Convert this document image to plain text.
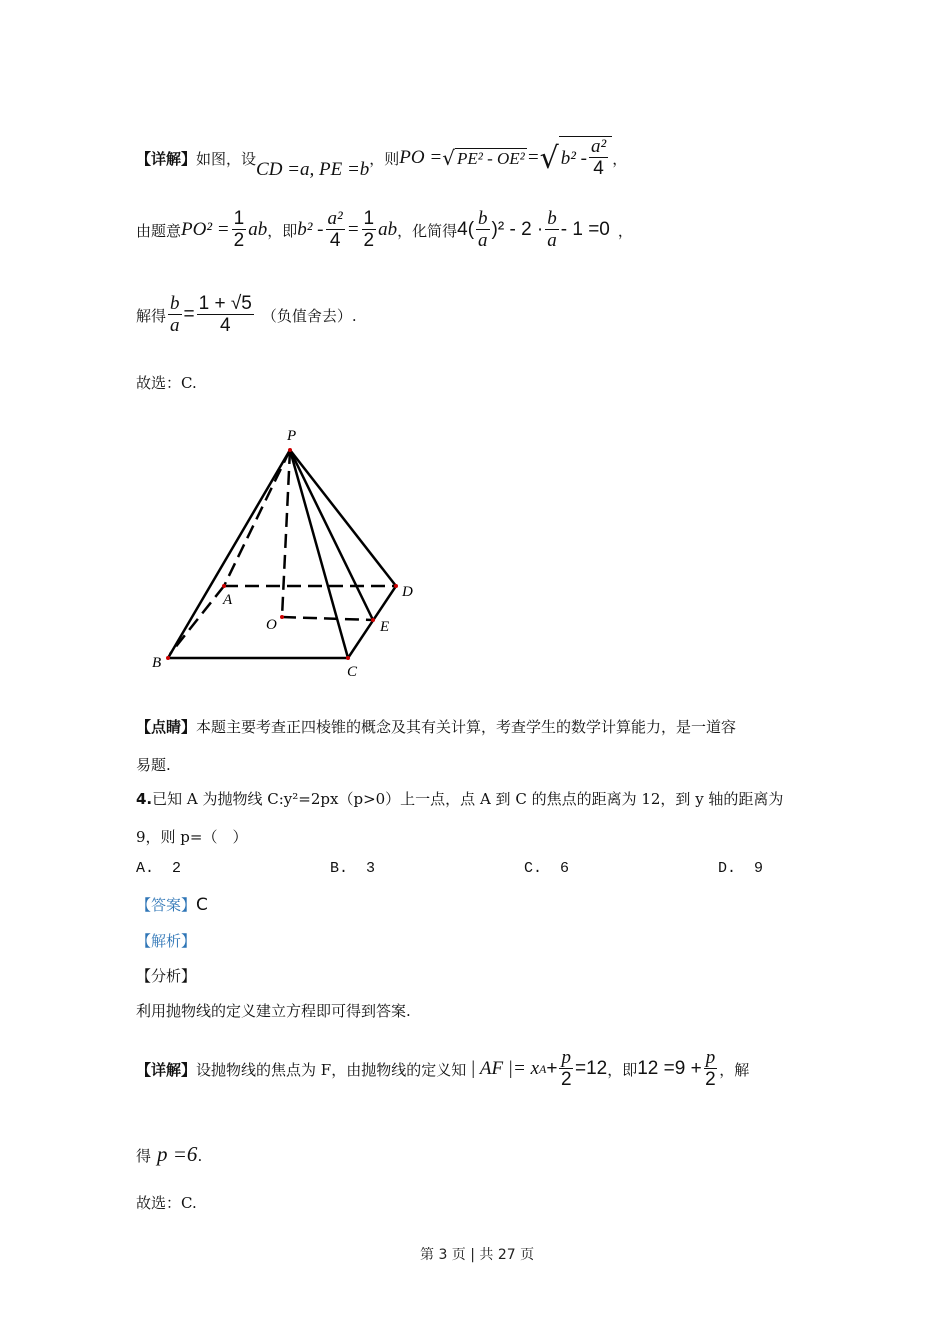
【详解】 如图，设
CD =a, PE =b
，则 PO = √ PE² - OE² = √ $b^2 - \frac{\text{a²}}{4}$ ，
由题意 $PO^2 = \frac{1}{2}$ ab ，即 $b^2 - \frac{\text{a²}}{4} = \frac{1}{2}$ ab ，化简得 $4( \frac{b}{a} )^2 - 2 \cdot \frac{b}{a} - 1 =0$ ，
解得 $\frac{b}{a} = \frac{1 + √5}{4}$ （负值舍去）.
故选：C.
P
A	D
O	E
B
C
【点睛】本题主要考查正四棱锥的概念及其有关计算，考查学生的数学计算能力，是一道容
易题.
4.已知 A 为抛物线 C:y²=2px（p>0）上一点，点 A 到 C 的焦点的距离为 12，到 y 轴的距离为
9，则 p=（　）
A. 2	B. 3	C. 6	D. 9
【答案】C
【解析】
【分析】
利用抛物线的定义建立方程即可得到答案.
【详解】 设抛物线的焦点为 F，由抛物线的定义知 | AF |= x $A + \frac{p}{2} =12$ ，即 $12 =9 + \frac{p}{2}$ ，解
得 p =6 .
故选：C.
第 3 页 | 共 27 页
